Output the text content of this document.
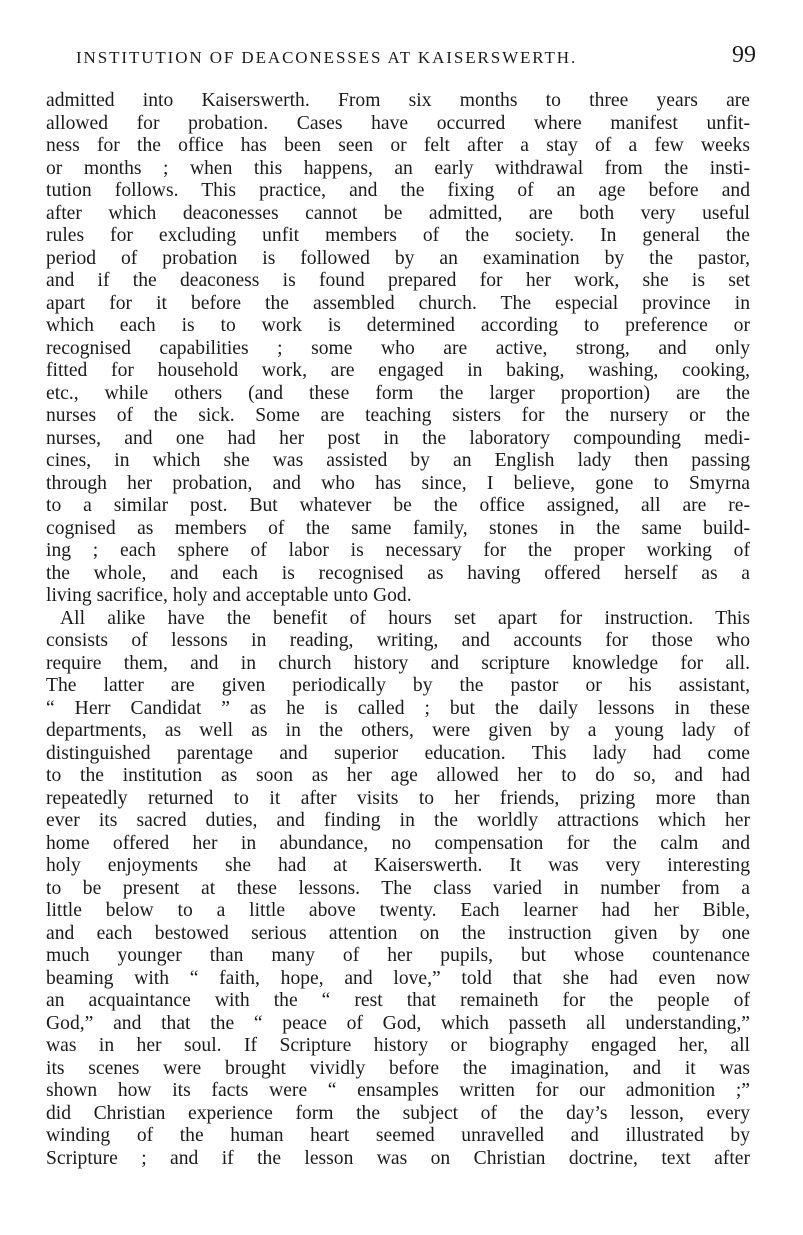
INSTITUTION OF DEACONESSES AT KAISERSWERTH.	99
admitted into Kaiserswerth. From six months to three years are
allowed for probation. Cases have occurred where manifest unfit-
ness for the office has been seen or felt after a stay of a few weeks
or months ; when this happens, an early withdrawal from the insti-
tution follows. This practice, and the fixing of an age before and
after which deaconesses cannot be admitted, are both very useful
rules for excluding unfit members of the society. In general the
period of probation is followed by an examination by the pastor,
and if the deaconess is found prepared for her work, she is set
apart for it before the assembled church. The especial province in
which each is to work is determined according to preference or
recognised capabilities ; some who are active, strong, and only
fitted for household work, are engaged in baking, washing, cooking,
etc., while others (and these form the larger proportion) are the
nurses of the sick. Some are teaching sisters for the nursery or the
nurses, and one had her post in the laboratory compounding medi-
cines, in which she was assisted by an English lady then passing
through her probation, and who has since, I believe, gone to Smyrna
to a similar post. But whatever be the office assigned, all are re-
cognised as members of the same family, stones in the same build-
ing ; each sphere of labor is necessary for the proper working of
the whole, and each is recognised as having offered herself as a
living sacrifice, holy and acceptable unto God.
All alike have the benefit of hours set apart for instruction. This
consists of lessons in reading, writing, and accounts for those who
require them, and in church history and scripture knowledge for all.
The latter are given periodically by the pastor or his assistant,
“ Herr Candidat ” as he is called ; but the daily lessons in these
departments, as well as in the others, were given by a young lady of
distinguished parentage and superior education. This lady had come
to the institution as soon as her age allowed her to do so, and had
repeatedly returned to it after visits to her friends, prizing more than
ever its sacred duties, and finding in the worldly attractions which her
home offered her in abundance, no compensation for the calm and
holy enjoyments she had at Kaiserswerth. It was very interesting
to be present at these lessons. The class varied in number from a
little below to a little above twenty. Each learner had her Bible,
and each bestowed serious attention on the instruction given by one
much younger than many of her pupils, but whose countenance
beaming with “ faith, hope, and love,” told that she had even now
an acquaintance with the “ rest that remaineth for the people of
God,” and that the “ peace of God, which passeth all understanding,”
was in her soul. If Scripture history or biography engaged her, all
its scenes were brought vividly before the imagination, and it was
shown how its facts were “ ensamples written for our admonition ;”
did Christian experience form the subject of the day’s lesson, every
winding of the human heart seemed unravelled and illustrated by
Scripture ; and if the lesson was on Christian doctrine, text after
